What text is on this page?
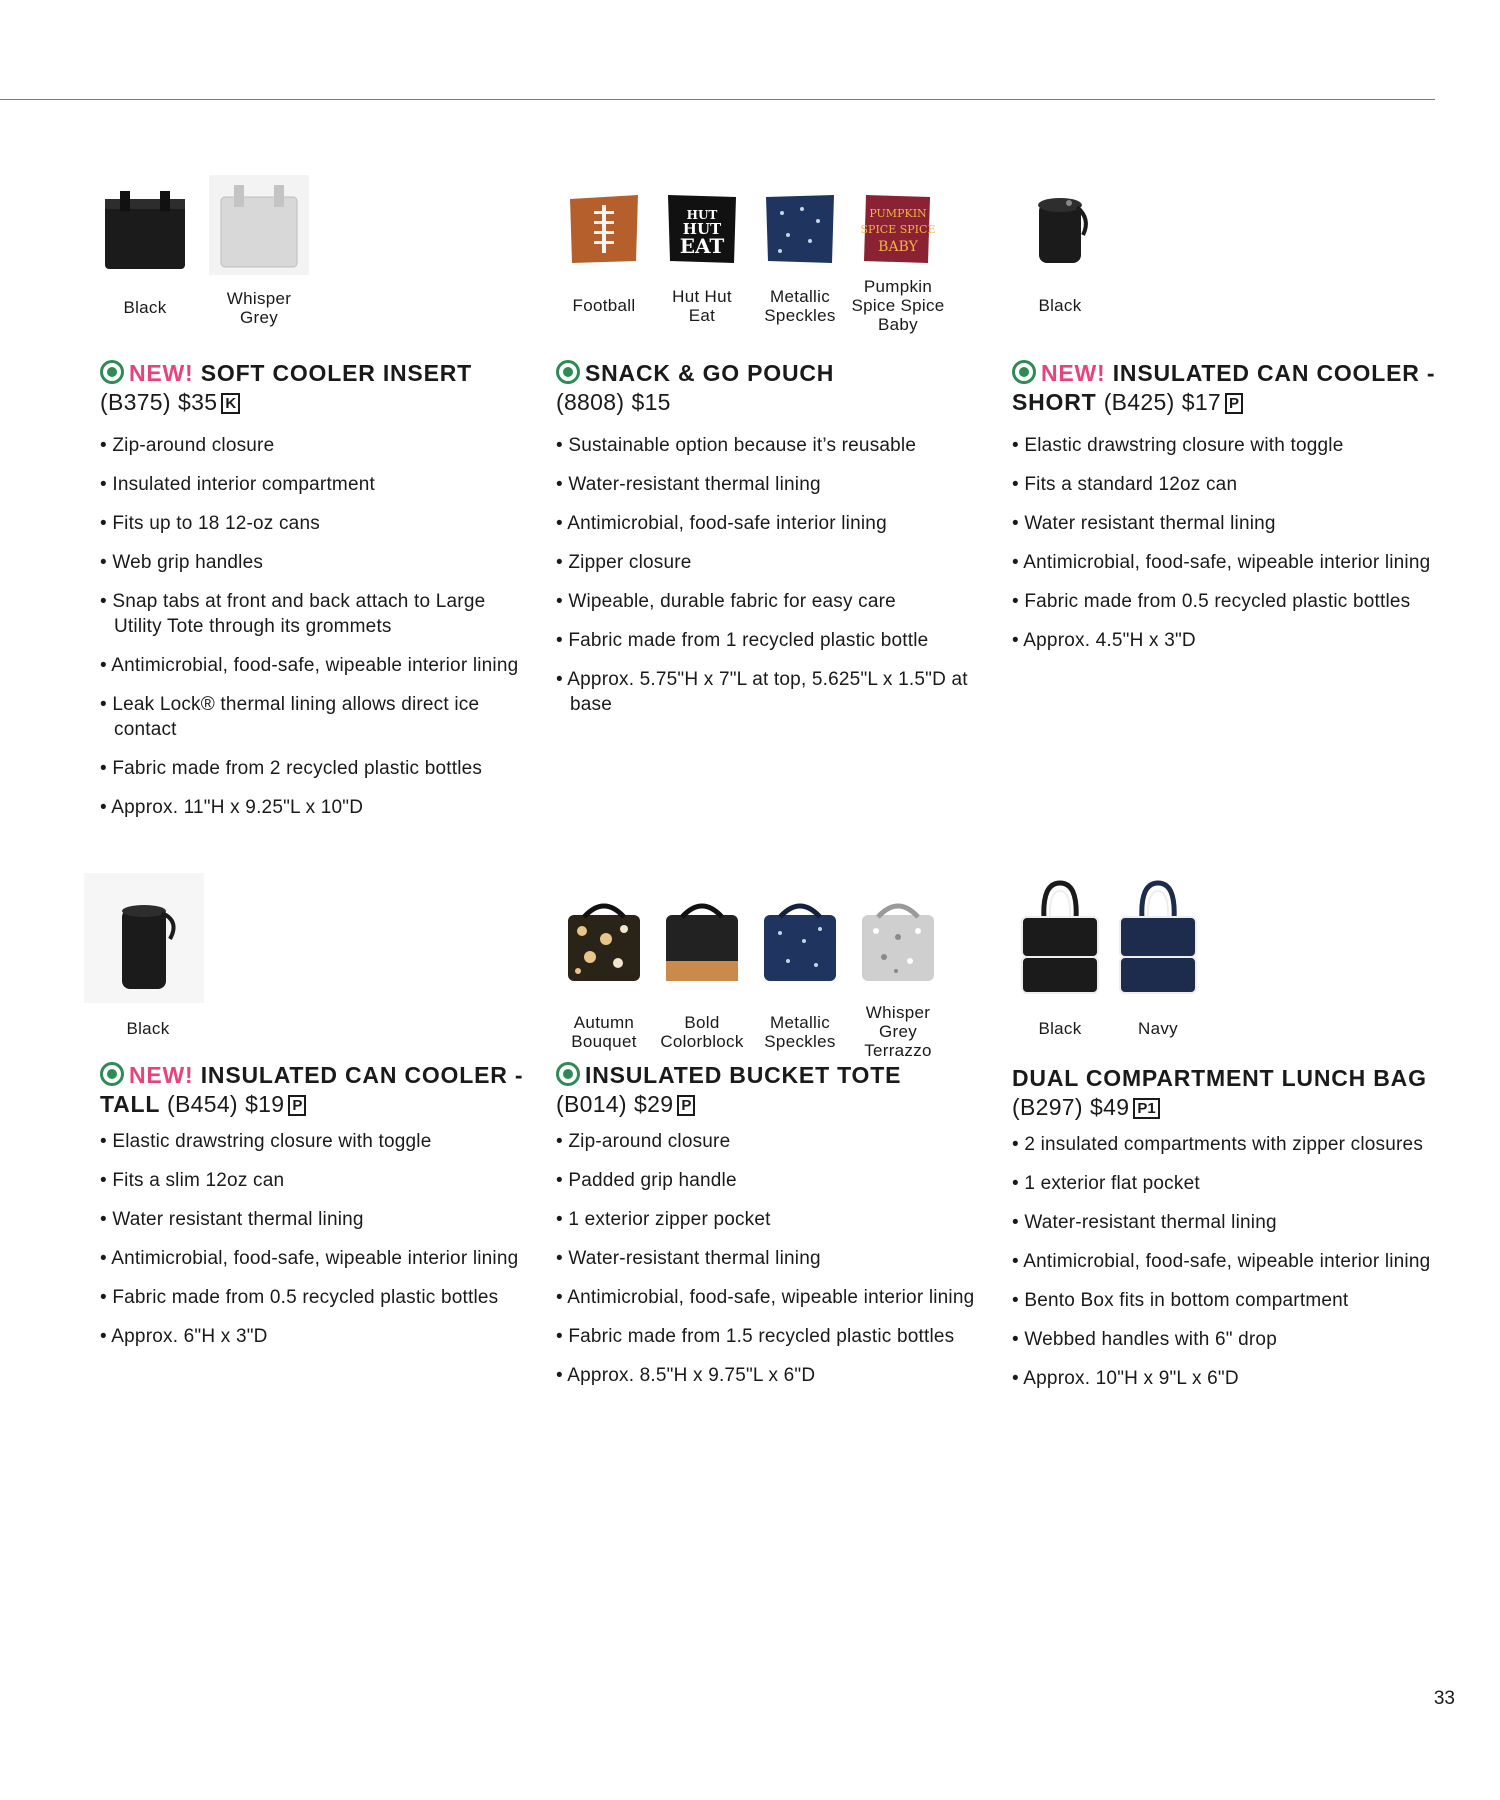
Black	Whisper Grey
NEW! SOFT COOLER INSERT
(B375) $35 K
• Zip-around closure
• Insulated interior compartment
• Fits up to 18 12-oz cans
• Web grip handles
• Snap tabs at front and back attach to Large Utility Tote through its grommets
• Antimicrobial, food-safe, wipeable interior lining
• Leak Lock® thermal lining allows direct ice contact
• Fabric made from 2 recycled plastic bottles
• Approx. 11"H x 9.25"L x 10"D
Football
HUT
HUT
EAT
Hut Hut Eat
Metallic Speckles
PUMPKIN
SPICE SPICE
BABY
Pumpkin Spice Spice Baby
SNACK & GO POUCH
(8808) $15
• Sustainable option because it’s reusable
• Water-resistant thermal lining
• Antimicrobial, food-safe interior lining
• Zipper closure
• Wipeable, durable fabric for easy care
• Fabric made from 1 recycled plastic bottle
• Approx. 5.75"H x 7"L at top, 5.625"L x 1.5"D at base
Black
NEW! INSULATED CAN COOLER - SHORT (B425) $17 P
• Elastic drawstring closure with toggle
• Fits a standard 12oz can
• Water resistant thermal lining
• Antimicrobial, food-safe, wipeable interior lining
• Fabric made from 0.5 recycled plastic bottles
• Approx. 4.5"H x 3"D
Black
NEW! INSULATED CAN COOLER - TALL (B454) $19 P
• Elastic drawstring closure with toggle
• Fits a slim 12oz can
• Water resistant thermal lining
• Antimicrobial, food-safe, wipeable interior lining
• Fabric made from 0.5 recycled plastic bottles
• Approx. 6"H x 3"D
Autumn Bouquet
Bold Colorblock
Metallic Speckles
Whisper Grey Terrazzo
INSULATED BUCKET TOTE
(B014) $29 P
• Zip-around closure
• Padded grip handle
• 1 exterior zipper pocket
• Water-resistant thermal lining
• Antimicrobial, food-safe, wipeable interior lining
• Fabric made from 1.5 recycled plastic bottles
• Approx. 8.5"H x 9.75"L x 6"D
Black	Navy
DUAL COMPARTMENT LUNCH BAG (B297) $49 P1
• 2 insulated compartments with zipper closures
• 1 exterior flat pocket
• Water-resistant thermal lining
• Antimicrobial, food-safe, wipeable interior lining
• Bento Box fits in bottom compartment
• Webbed handles with 6" drop
• Approx. 10"H x 9"L x 6"D
33
